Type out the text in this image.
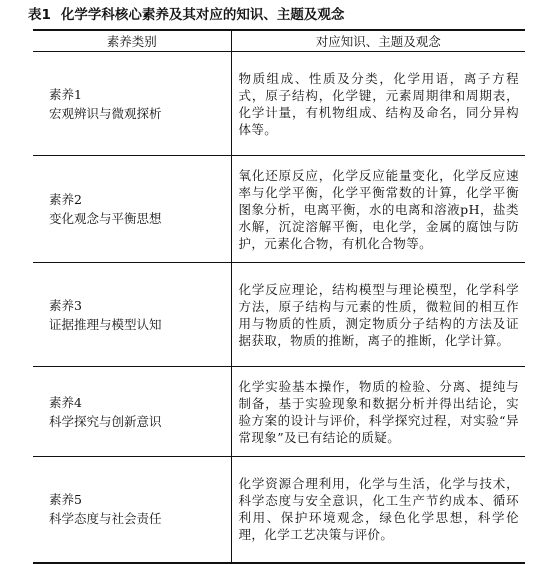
表1 化学学科核心素养及其对应的知识、主题及观念
素养类别	对应知识、主题及观念

素养1
宏观辨识与微观探析	物质组成、性质及分类，化学用语，离子方程式，原子结构，化学键，元素周期律和周期表，化学计量，有机物组成、结构及命名，同分异构体等。

素养2
变化观念与平衡思想	氧化还原反应，化学反应能量变化，化学反应速率与化学平衡，化学平衡常数的计算，化学平衡图象分析，电离平衡，水的电离和溶液pH，盐类水解，沉淀溶解平衡，电化学，金属的腐蚀与防护，元素化合物，有机化合物等。

素养3
证据推理与模型认知	化学反应理论，结构模型与理论模型，化学科学方法，原子结构与元素的性质，微粒间的相互作用与物质的性质，测定物质分子结构的方法及证据获取，物质的推断，离子的推断，化学计算。

素养4
科学探究与创新意识	化学实验基本操作，物质的检验、分离、提纯与制备，基于实验现象和数据分析并得出结论，实验方案的设计与评价，科学探究过程，对实验“异常现象”及已有结论的质疑。

素养5
科学态度与社会责任	化学资源合理利用，化学与生活，化学与技术，科学态度与安全意识，化工生产节约成本、循环利用、保护环境观念，绿色化学思想，科学伦理，化学工艺决策与评价。
